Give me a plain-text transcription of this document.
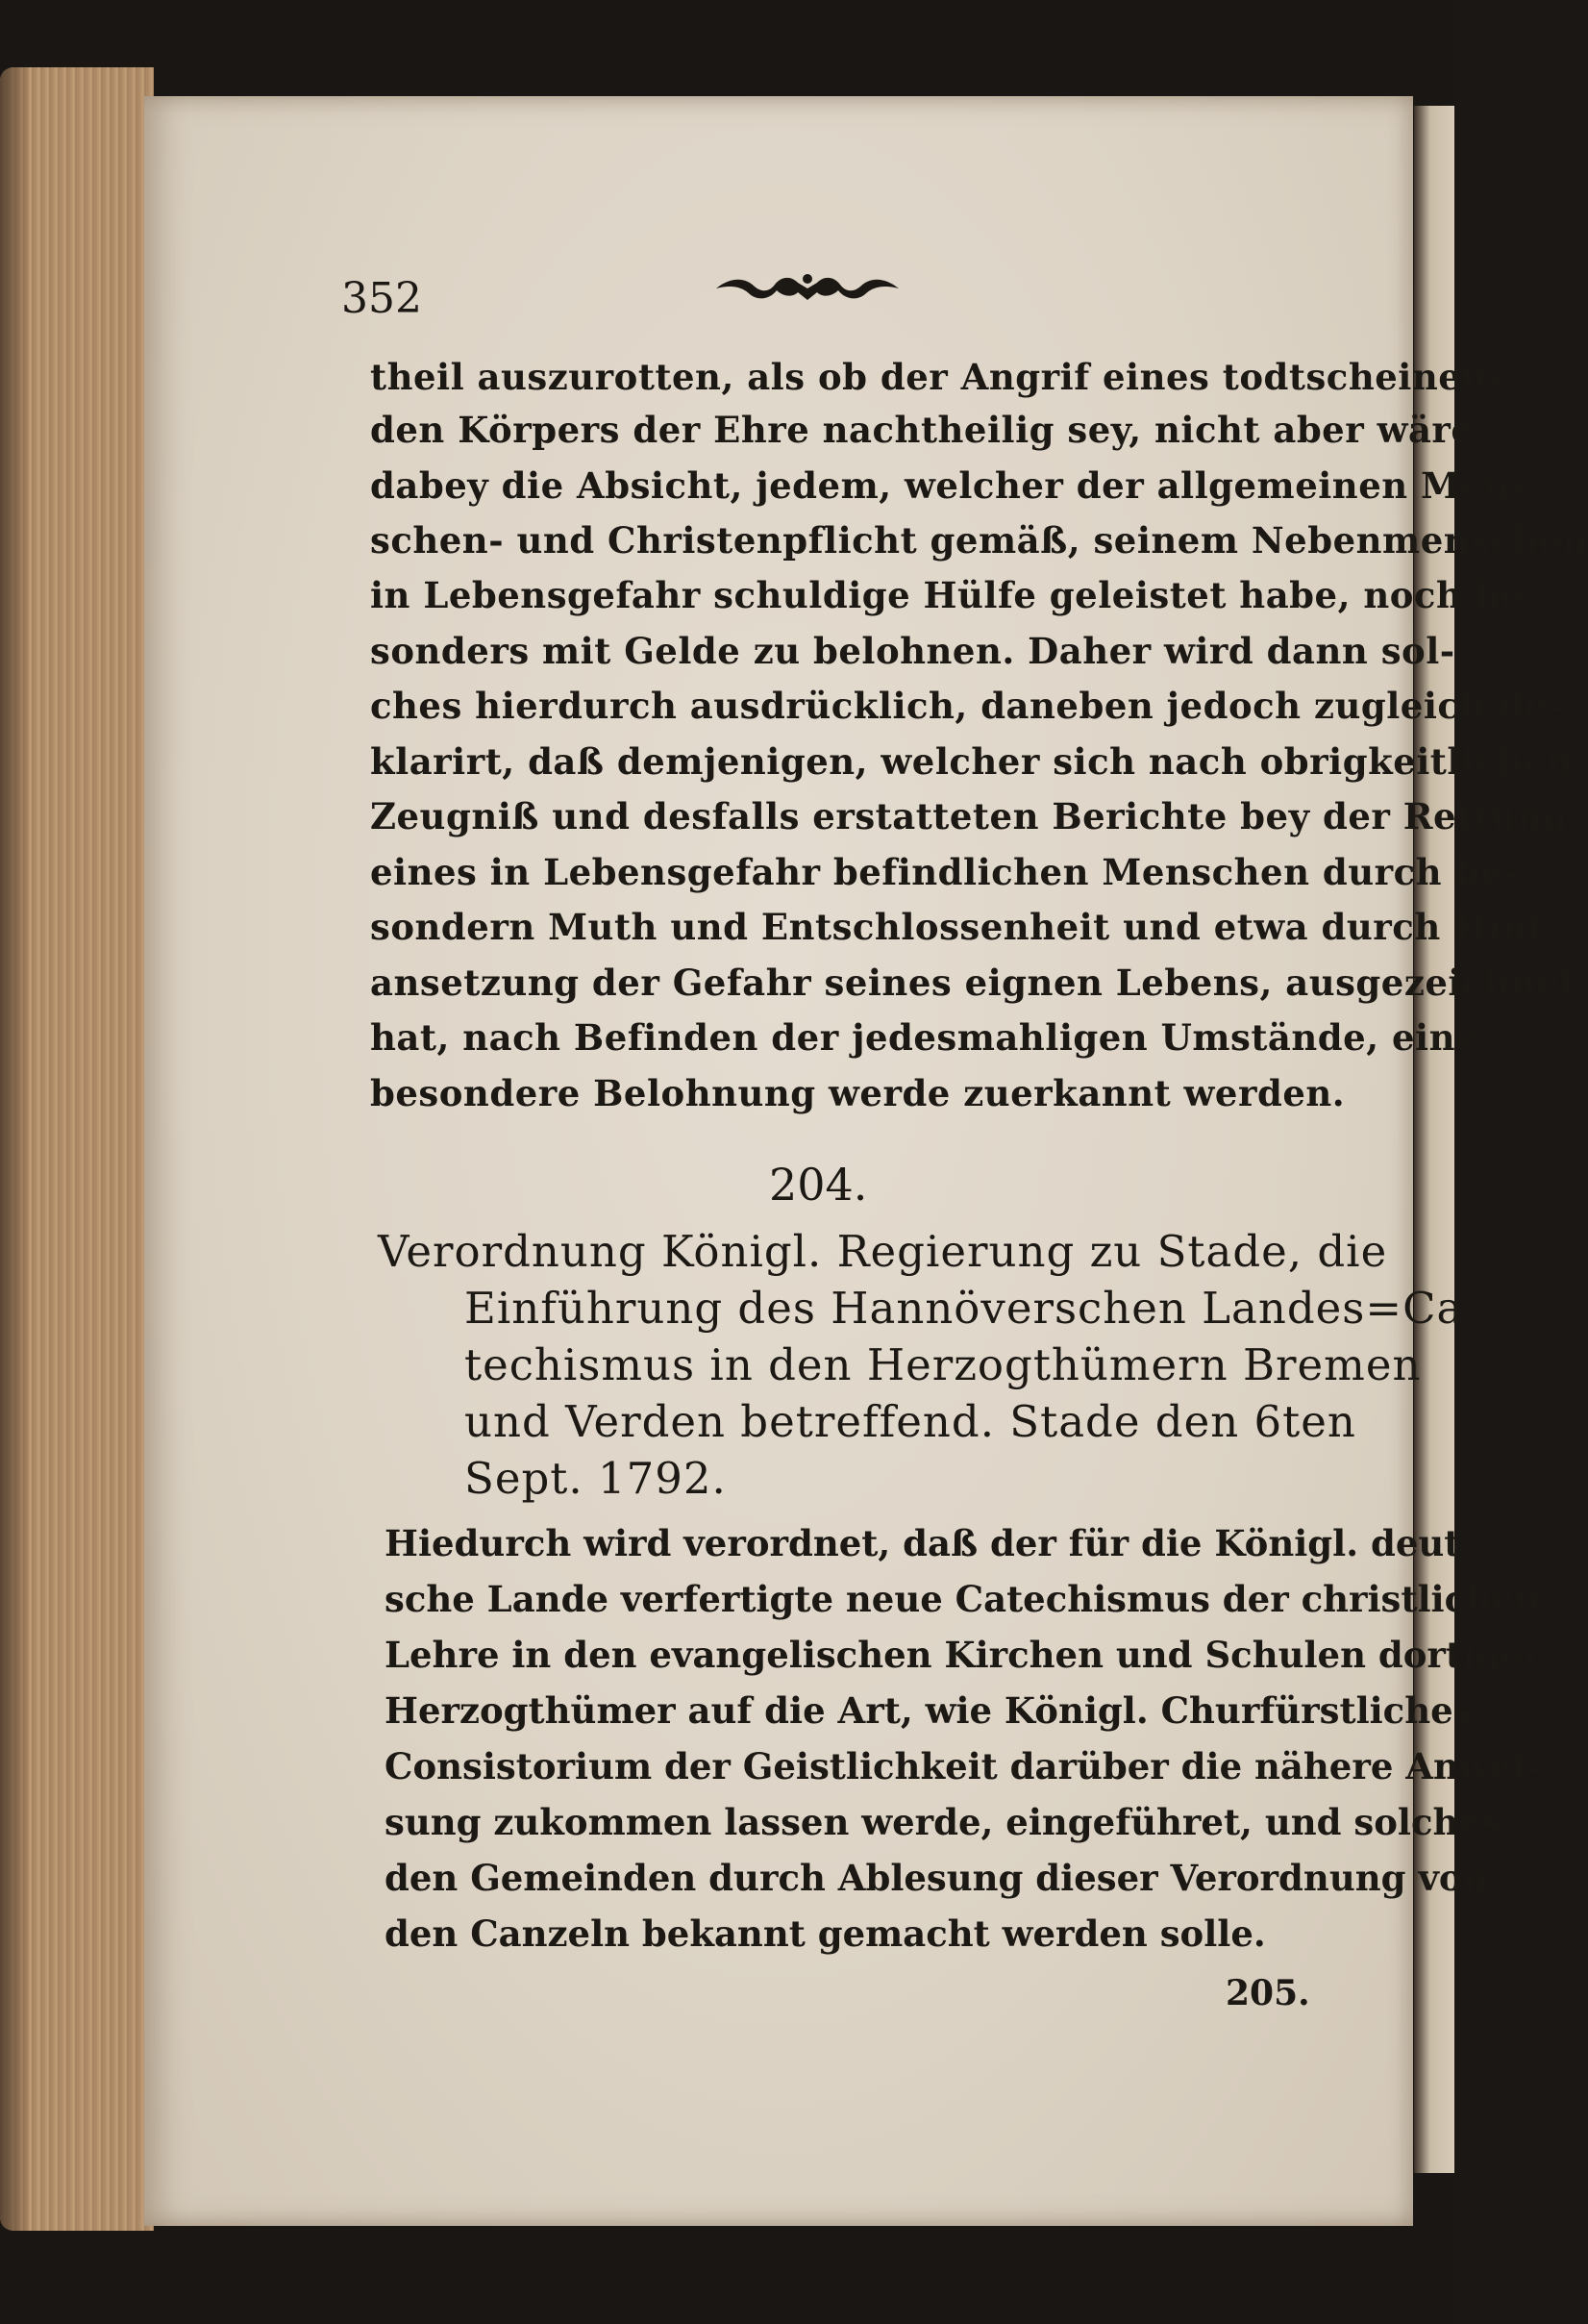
352
theil auszurotten, als ob der Angrif eines todtscheinen‑
den Körpers der Ehre nachtheilig sey, nicht aber wäre
dabey die Absicht, jedem, welcher der allgemeinen Men‑
schen‑ und Christenpflicht gemäß, seinem Nebenmenschen
in Lebensgefahr schuldige Hülfe geleistet habe, noch be‑
sonders mit Gelde zu belohnen. Daher wird dann sol‑
ches hierdurch ausdrücklich, daneben jedoch zugleich de‑
klarirt, daß demjenigen, welcher sich nach obrigkeitlichen
Zeugniß und desfalls erstatteten Berichte bey der Rettung
eines in Lebensgefahr befindlichen Menschen durch be‑
sondern Muth und Entschlossenheit und etwa durch Hint‑
ansetzung der Gefahr seines eignen Lebens, ausgezeichnet
hat, nach Befinden der jedesmahligen Umstände, eine
besondere Belohnung werde zuerkannt werden.
204.
Verordnung Königl. Regierung zu Stade, die
Einführung des Hannöverschen Landes=Ca‑
techismus in den Herzogthümern Bremen
und Verden betreffend. Stade den 6ten
Sept. 1792.
Hiedurch wird verordnet, daß der für die Königl. deut‑
sche Lande verfertigte neue Catechismus der christlichen
Lehre in den evangelischen Kirchen und Schulen dortiger
Herzogthümer auf die Art, wie Königl. Churfürstliches
Consistorium der Geistlichkeit darüber die nähere Anwei‑
sung zukommen lassen werde, eingeführet, und solches
den Gemeinden durch Ablesung dieser Verordnung von
den Canzeln bekannt gemacht werden solle.
205.
